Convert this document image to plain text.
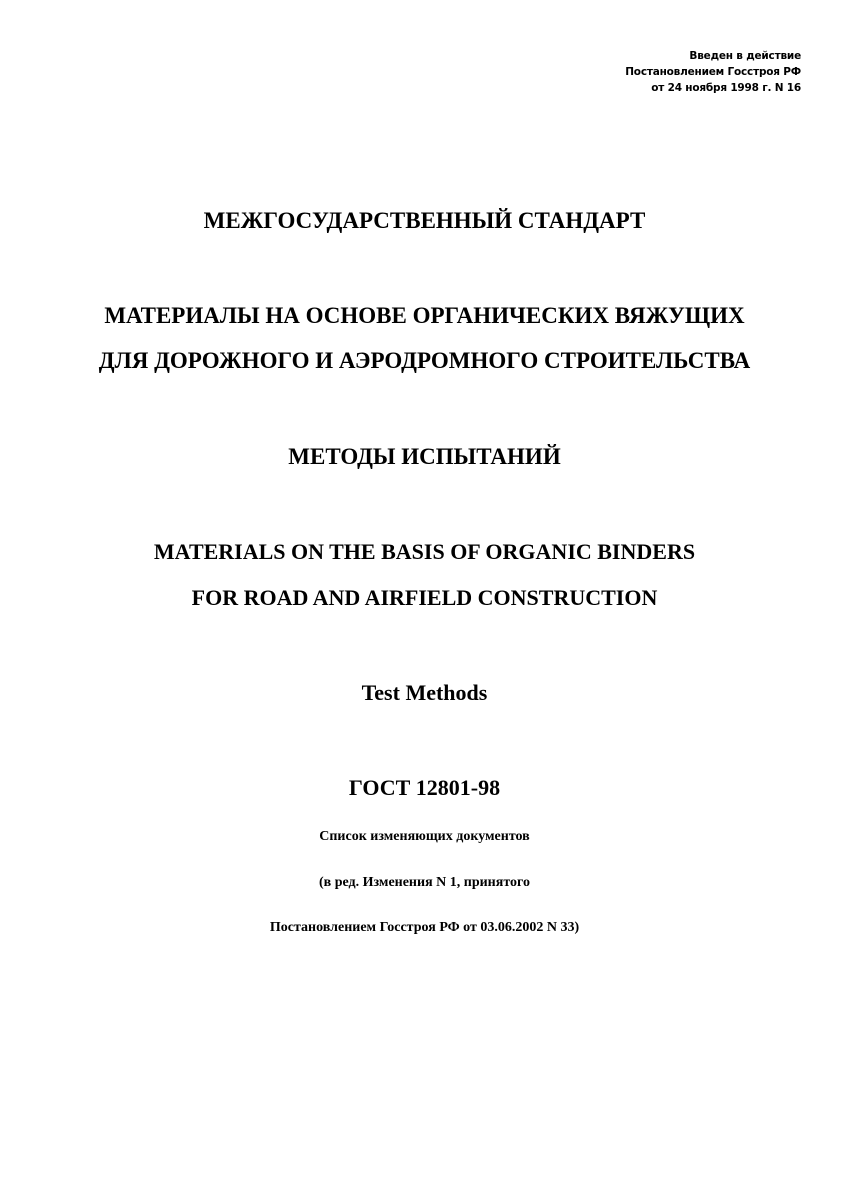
Введен в действие
Постановлением Госстроя РФ
от 24 ноября 1998 г. N 16
МЕЖГОСУДАРСТВЕННЫЙ СТАНДАРТ
МАТЕРИАЛЫ НА ОСНОВЕ ОРГАНИЧЕСКИХ ВЯЖУЩИХ
ДЛЯ ДОРОЖНОГО И АЭРОДРОМНОГО СТРОИТЕЛЬСТВА
МЕТОДЫ ИСПЫТАНИЙ
MATERIALS ON THE BASIS OF ORGANIC BINDERS
FOR ROAD AND AIRFIELD CONSTRUCTION
Test Methods
ГОСТ 12801-98
Список изменяющих документов
(в ред. Изменения N 1, принятого
Постановлением Госстроя РФ от 03.06.2002 N 33)
